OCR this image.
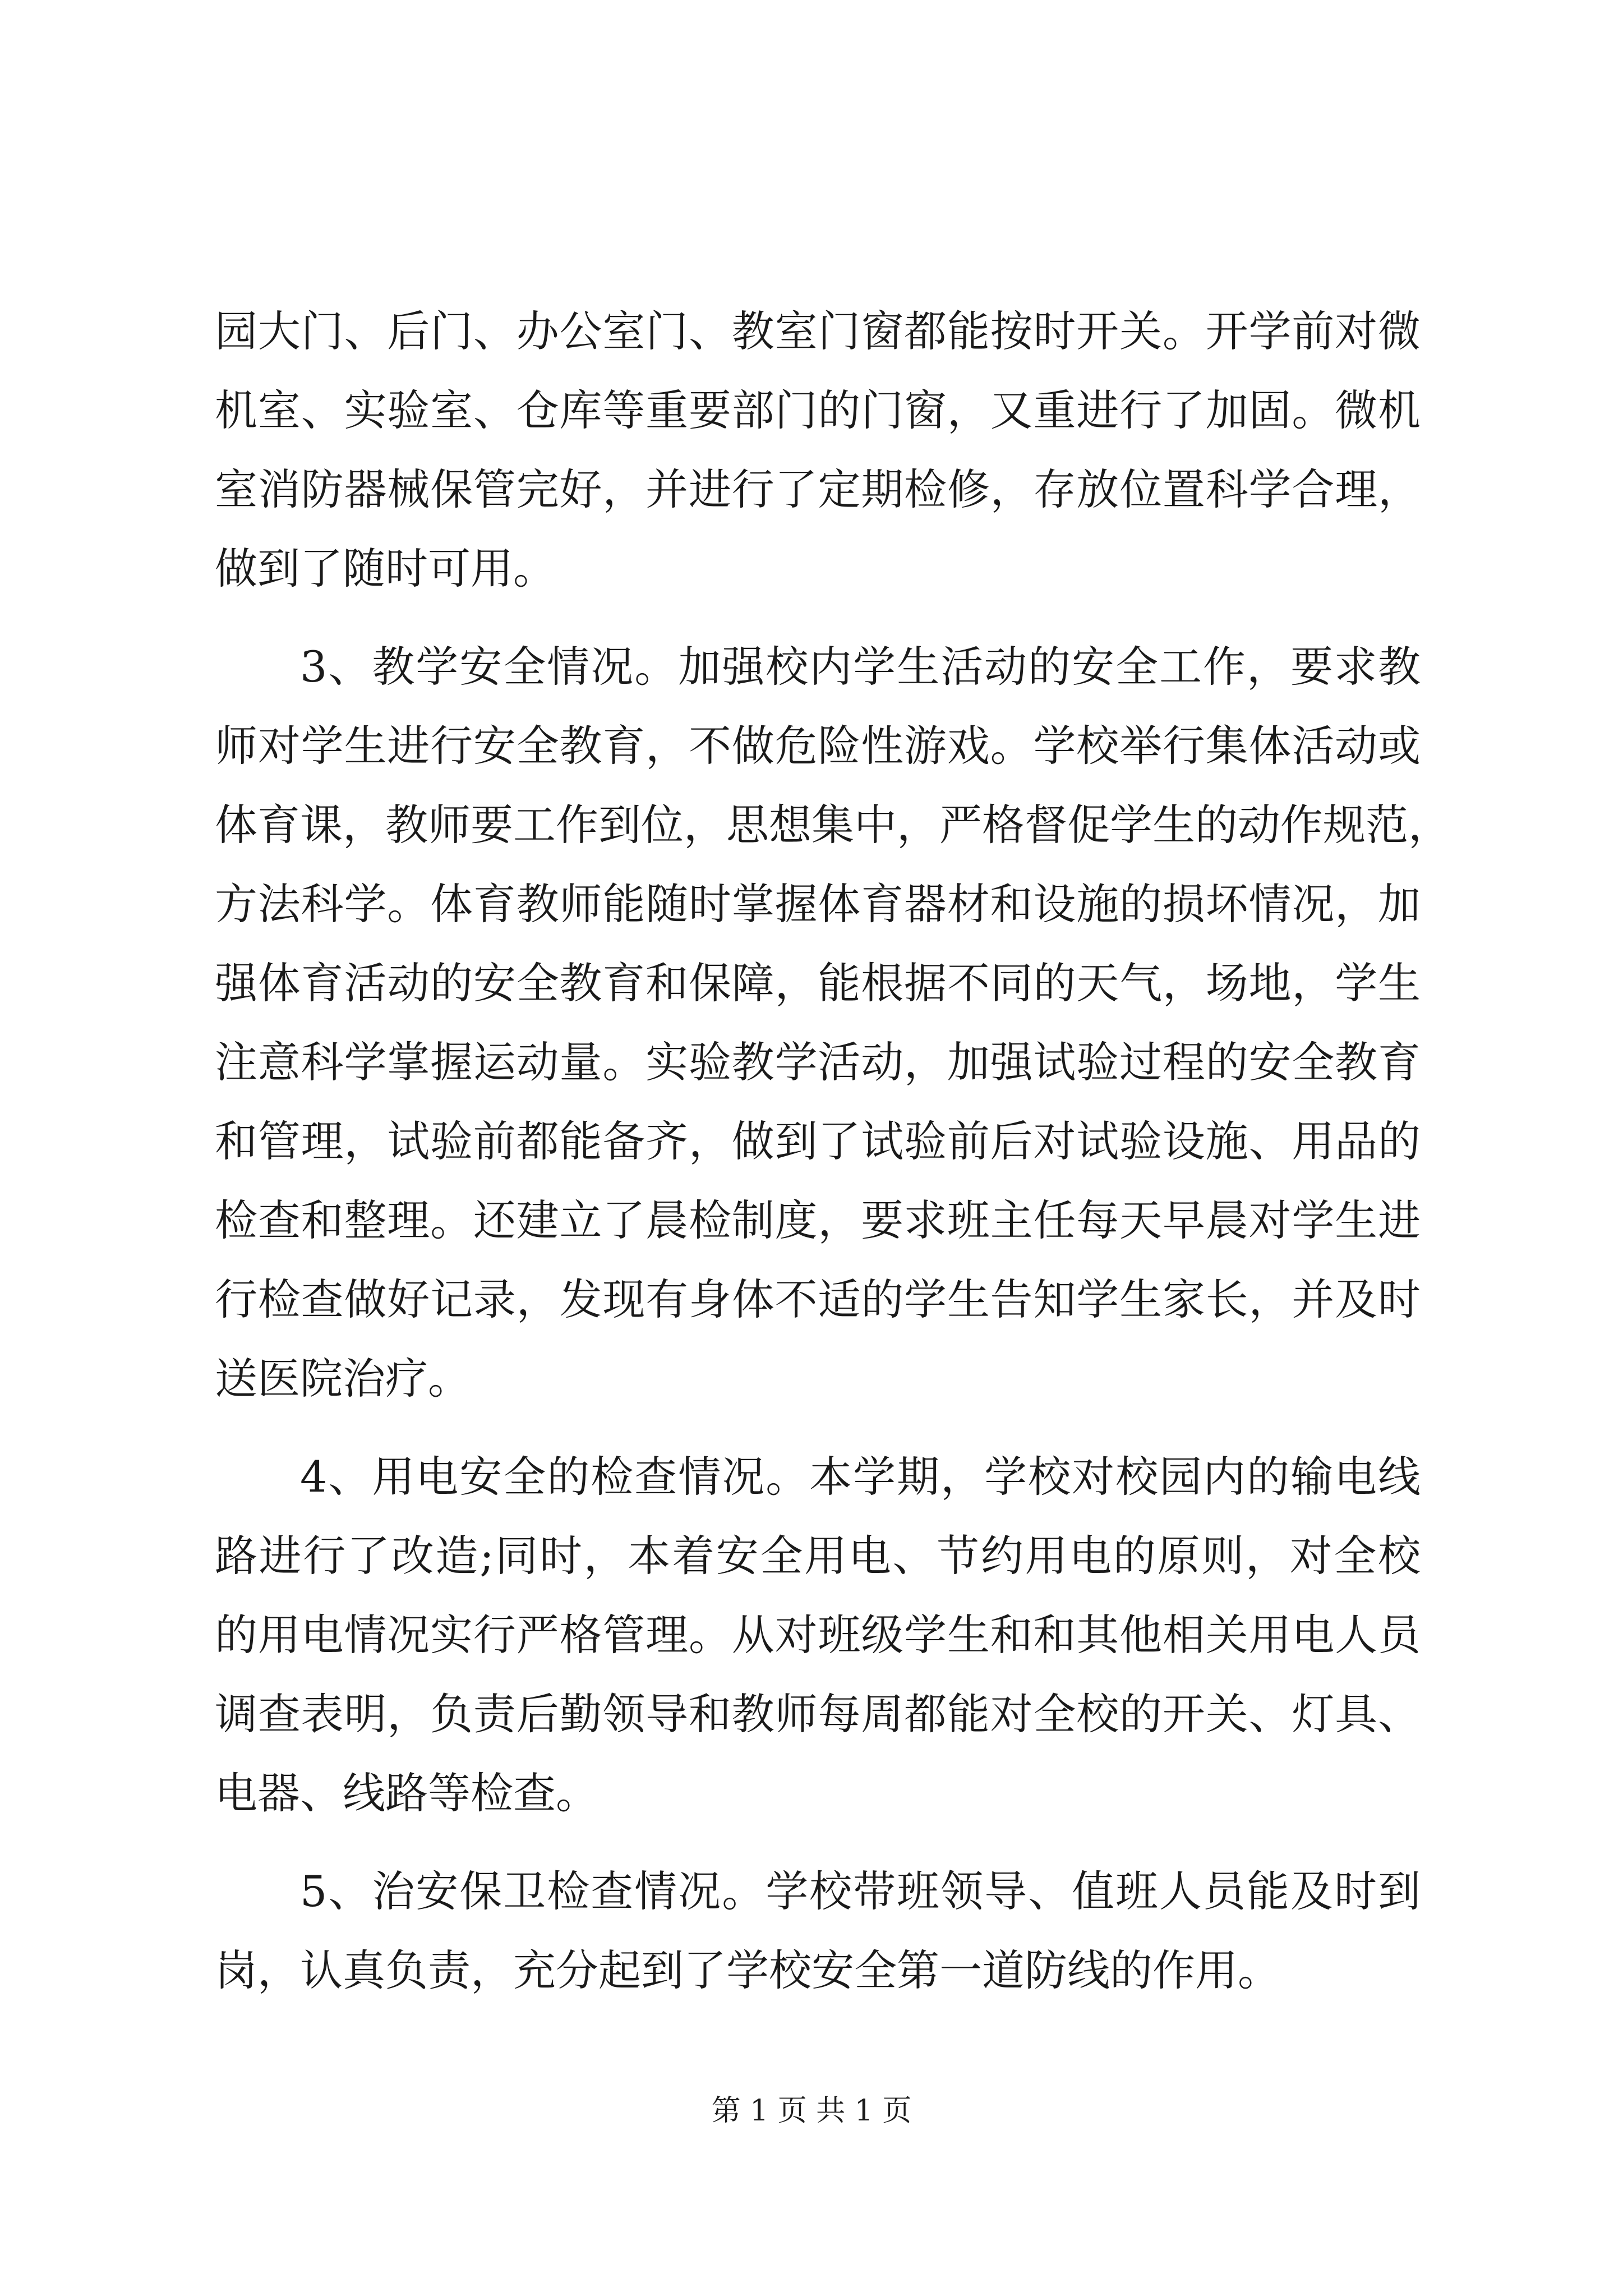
园大门、后门、办公室门、教室门窗都能按时开关。开学前对微
机室、实验室、仓库等重要部门的门窗，又重进行了加固。微机
室消防器械保管完好，并进行了定期检修，存放位置科学合理，
做到了随时可用。
3、教学安全情况。加强校内学生活动的安全工作，要求教
师对学生进行安全教育，不做危险性游戏。学校举行集体活动或
体育课，教师要工作到位，思想集中，严格督促学生的动作规范，
方法科学。体育教师能随时掌握体育器材和设施的损坏情况，加
强体育活动的安全教育和保障，能根据不同的天气，场地，学生
注意科学掌握运动量。实验教学活动，加强试验过程的安全教育
和管理，试验前都能备齐，做到了试验前后对试验设施、用品的
检查和整理。还建立了晨检制度，要求班主任每天早晨对学生进
行检查做好记录，发现有身体不适的学生告知学生家长，并及时
送医院治疗。
4、用电安全的检查情况。本学期，学校对校园内的输电线
路进行了改造;同时，本着安全用电、节约用电的原则，对全校
的用电情况实行严格管理。从对班级学生和和其他相关用电人员
调查表明，负责后勤领导和教师每周都能对全校的开关、灯具、
电器、线路等检查。
5、治安保卫检查情况。学校带班领导、值班人员能及时到
岗，认真负责，充分起到了学校安全第一道防线的作用。
第 1 页 共 1 页
